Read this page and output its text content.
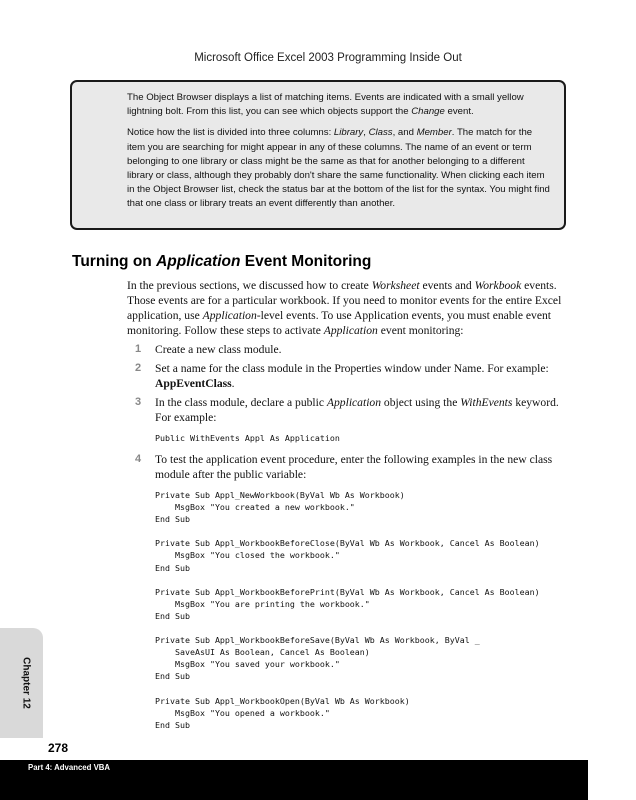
Microsoft Office Excel 2003 Programming Inside Out

The Object Browser displays a list of matching items. Events are indicated with a small yellow lightning bolt. From this list, you can see which objects support the Change event.

Notice how the list is divided into three columns: Library, Class, and Member. The match for the item you are searching for might appear in any of these columns. The name of an event or term belonging to one library or class might be the same as that for another belonging to a different library or class, although they probably don't share the same functionality. When clicking each item in the Object Browser list, check the status bar at the bottom of the list for the syntax. You might find that one class or library treats an event differently than another.

Turning on Application Event Monitoring

In the previous sections, we discussed how to create Worksheet events and Workbook events. Those events are for a particular workbook. If you need to monitor events for the entire Excel application, use Application-level events. To use Application events, you must enable event monitoring. Follow these steps to activate Application event monitoring:

1 Create a new class module.
2 Set a name for the class module in the Properties window under Name. For example: AppEventClass.
3 In the class module, declare a public Application object using the WithEvents keyword. For example:
Public WithEvents Appl As Application
4 To test the application event procedure, enter the following examples in the new class module after the public variable:
Private Sub Appl_NewWorkbook(ByVal Wb As Workbook)
MsgBox "You created a new workbook."
End Sub

Private Sub Appl_WorkbookBeforeClose(ByVal Wb As Workbook, Cancel As Boolean)
MsgBox "You closed the workbook."
End Sub

Private Sub Appl_WorkbookBeforePrint(ByVal Wb As Workbook, Cancel As Boolean)
MsgBox "You are printing the workbook."
End Sub

Private Sub Appl_WorkbookBeforeSave(ByVal Wb As Workbook, ByVal _
SaveAsUI As Boolean, Cancel As Boolean)
MsgBox "You saved your workbook."
End Sub

Private Sub Appl_WorkbookOpen(ByVal Wb As Workbook)
MsgBox "You opened a workbook."
End Sub
Chapter 12
278
Part 4: Advanced VBA
